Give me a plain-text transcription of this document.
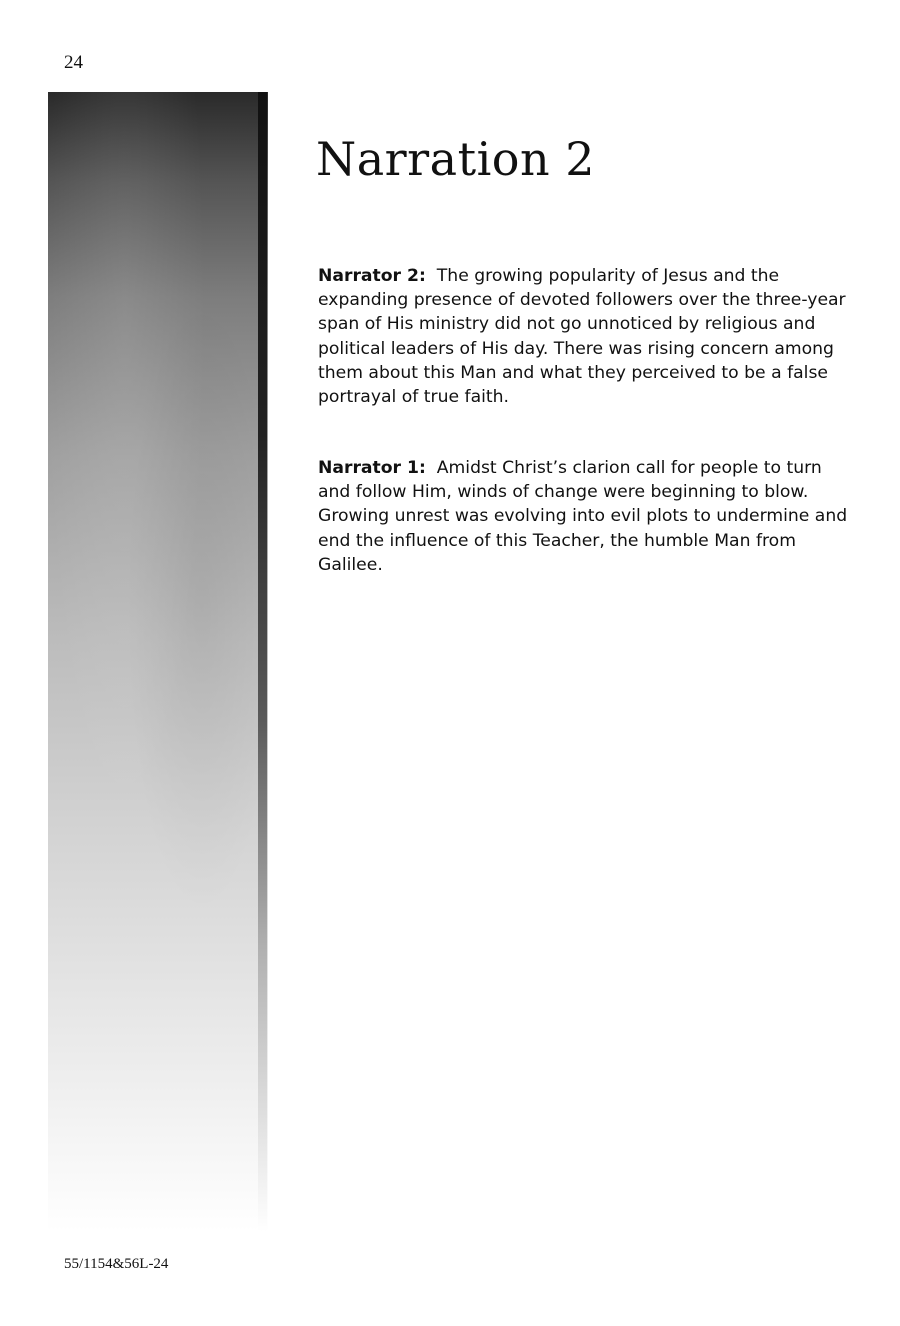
24
Narration 2

Narrator 2: The growing popularity of Jesus and the expanding presence of devoted followers over the three-year span of His ministry did not go unnoticed by religious and political leaders of His day. There was rising concern among them about this Man and what they perceived to be a false portrayal of true faith.

Narrator 1: Amidst Christ’s clarion call for people to turn and follow Him, winds of change were beginning to blow. Growing unrest was evolving into evil plots to undermine and end the influence of this Teacher, the humble Man from Galilee.

55/1154&56L-24
